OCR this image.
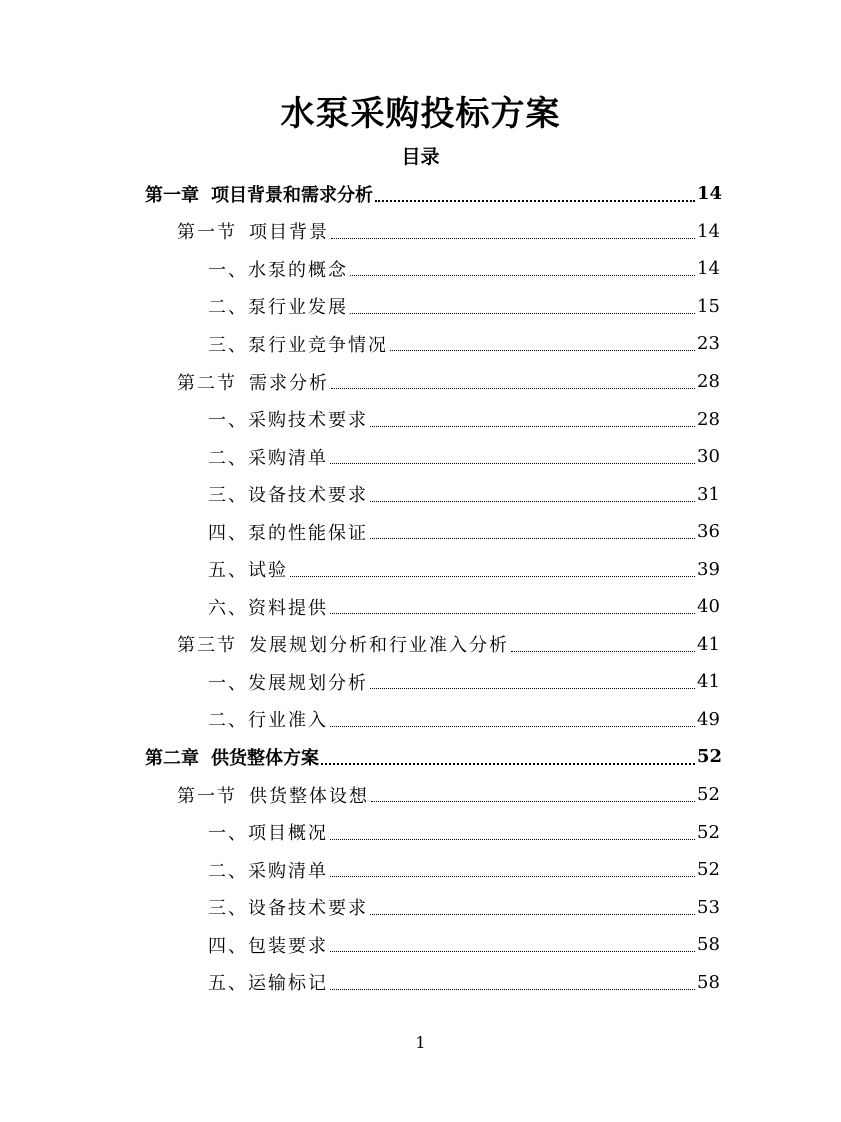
水泵采购投标方案
目录
第一章 项目背景和需求分析	14
第一节 项目背景	14
一、 水泵的概念	14
二、 泵行业发展	15
三、 泵行业竞争情况	23
第二节 需求分析	28
一、 采购技术要求	28
二、 采购清单	30
三、 设备技术要求	31
四、 泵的性能保证	36
五、 试验	39
六、 资料提供	40
第三节 发展规划分析和行业准入分析	41
一、 发展规划分析	41
二、 行业准入	49
第二章 供货整体方案	52
第一节 供货整体设想	52
一、 项目概况	52
二、 采购清单	52
三、 设备技术要求	53
四、 包装要求	58
五、 运输标记	58
1
